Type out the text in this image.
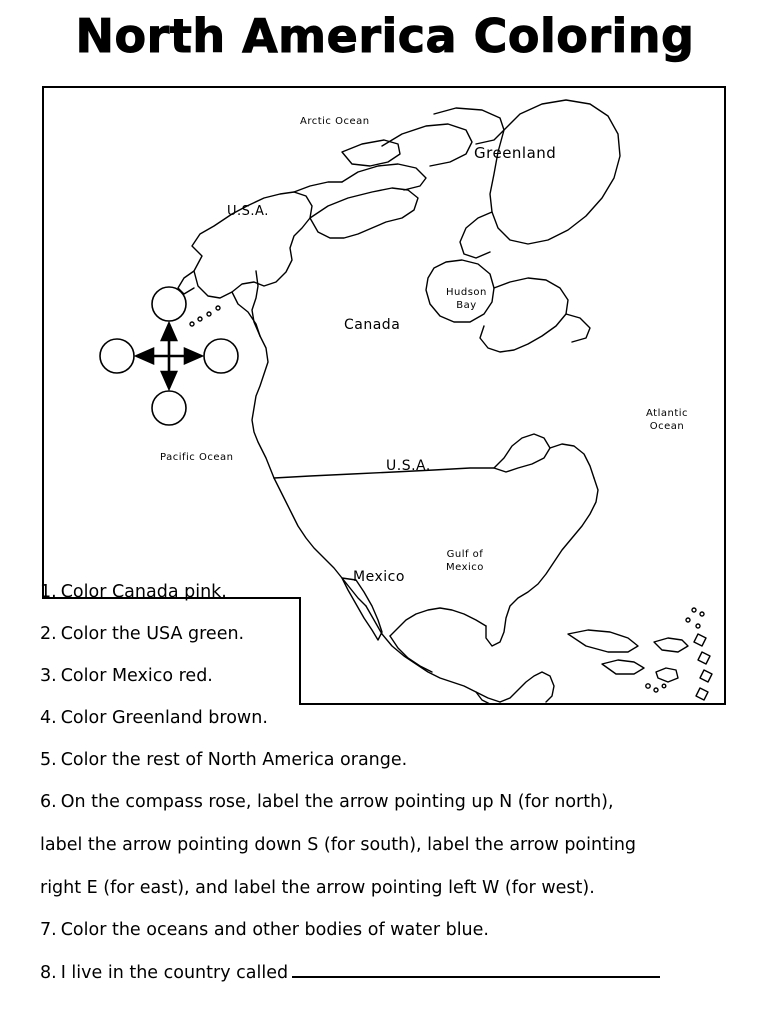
North America Coloring
Arctic Ocean
Greenland
U.S.A.
Canada
Hudson
Bay
Atlantic
Ocean
Pacific Ocean
U.S.A.
Mexico
Gulf of
Mexico
1. Color Canada pink.
2. Color the USA green.
3. Color Mexico red.
4. Color Greenland brown.
5. Color the rest of North America orange.
6. On the compass rose, label the arrow pointing up N (for north),
label the arrow pointing down S (for south), label the arrow pointing
right E (for east), and label the arrow pointing left W (for west).
7. Color the oceans and other bodies of water blue.
8. I live in the country called
